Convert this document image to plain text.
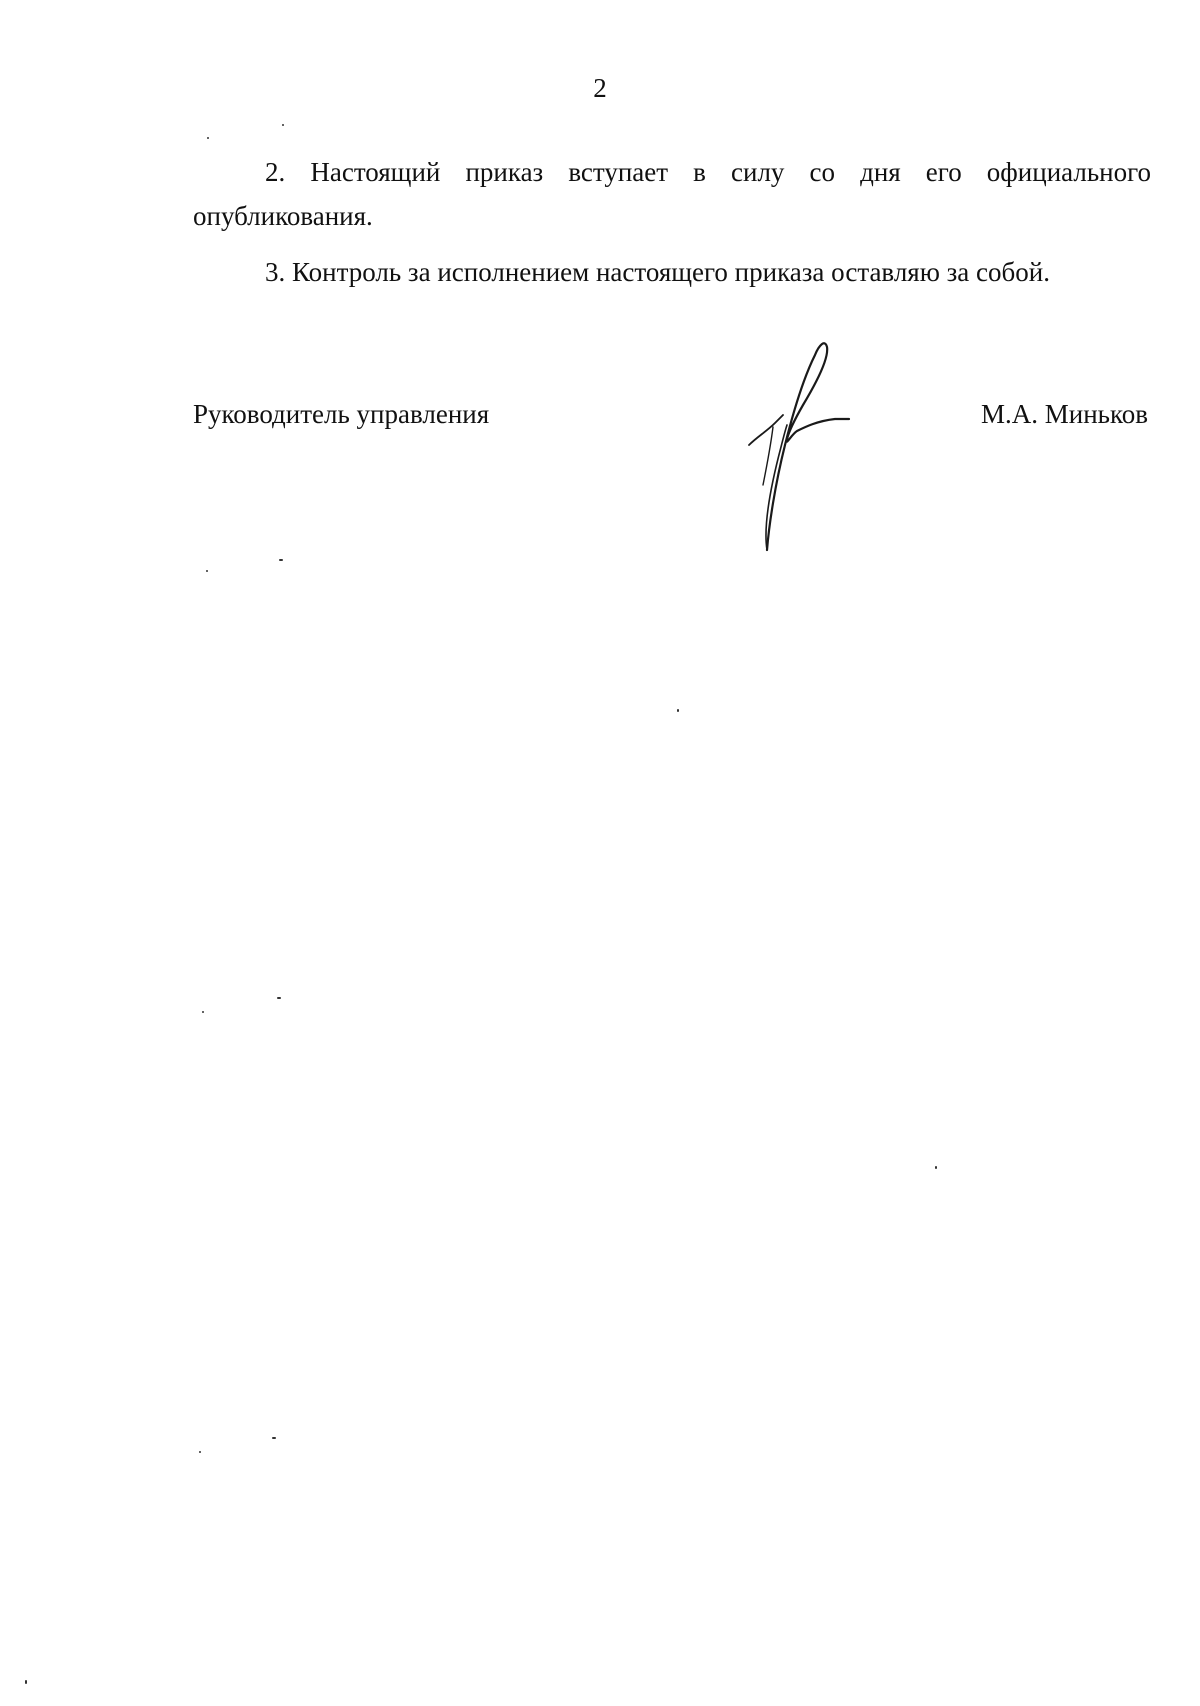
2

2. Настоящий приказ вступает в силу со дня его официального опубликования.

3. Контроль за исполнением настоящего приказа оставляю за собой.

Руководитель управления	М.А. Миньков
